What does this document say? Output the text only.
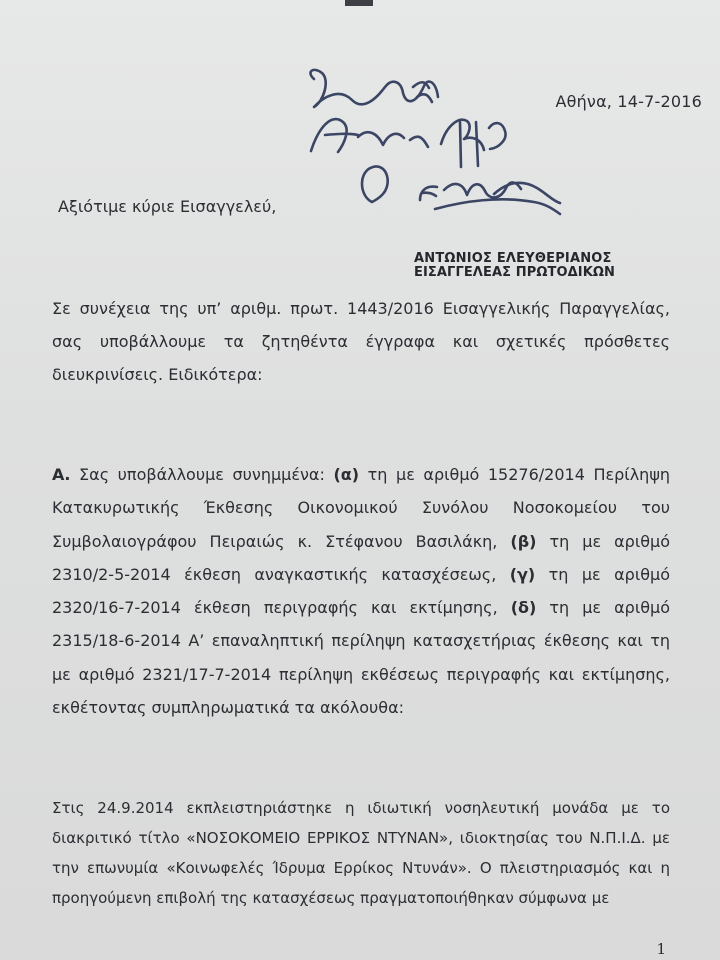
Αθήνα, 14-7-2016
Αξιότιμε κύριε Εισαγγελεύ,
ΑΝΤΩΝΙΟΣ ΕΛΕΥΘΕΡΙΑΝΟΣ
ΕΙΣΑΓΓΕΛΕΑΣ ΠΡΩΤΟΔΙΚΩΝ

Σε συνέχεια της υπ’ αριθμ. πρωτ. 1443/2016 Εισαγγελικής Παραγγελίας, σας υποβάλλουμε τα ζητηθέντα έγγραφα και σχετικές πρόσθετες διευκρινίσεις. Ειδικότερα:

Α. Σας υποβάλλουμε συνημμένα: (α) τη με αριθμό 15276/2014 Περίληψη Κατακυρωτικής Έκθεσης Οικονομικού Συνόλου Νοσοκομείου του Συμβολαιογράφου Πειραιώς κ. Στέφανου Βασιλάκη, (β) τη με αριθμό 2310/2-5-2014 έκθεση αναγκαστικής κατασχέσεως, (γ) τη με αριθμό 2320/16-7-2014 έκθεση περιγραφής και εκτίμησης, (δ) τη με αριθμό 2315/18-6-2014 Α’ επαναληπτική περίληψη κατασχετήριας έκθεσης και τη με αριθμό 2321/17-7-2014 περίληψη εκθέσεως περιγραφής και εκτίμησης, εκθέτοντας συμπληρωματικά τα ακόλουθα:

Στις 24.9.2014 εκπλειστηριάστηκε η ιδιωτική νοσηλευτική μονάδα με το διακριτικό τίτλο «ΝΟΣΟΚΟΜΕΙΟ ΕΡΡΙΚΟΣ ΝΤΥΝΑΝ», ιδιοκτησίας του Ν.Π.Ι.Δ. με την επωνυμία «Κοινωφελές Ίδρυμα Ερρίκος Ντυνάν». Ο πλειστηριασμός και η προηγούμενη επιβολή της κατασχέσεως πραγματοποιήθηκαν σύμφωνα με

1
